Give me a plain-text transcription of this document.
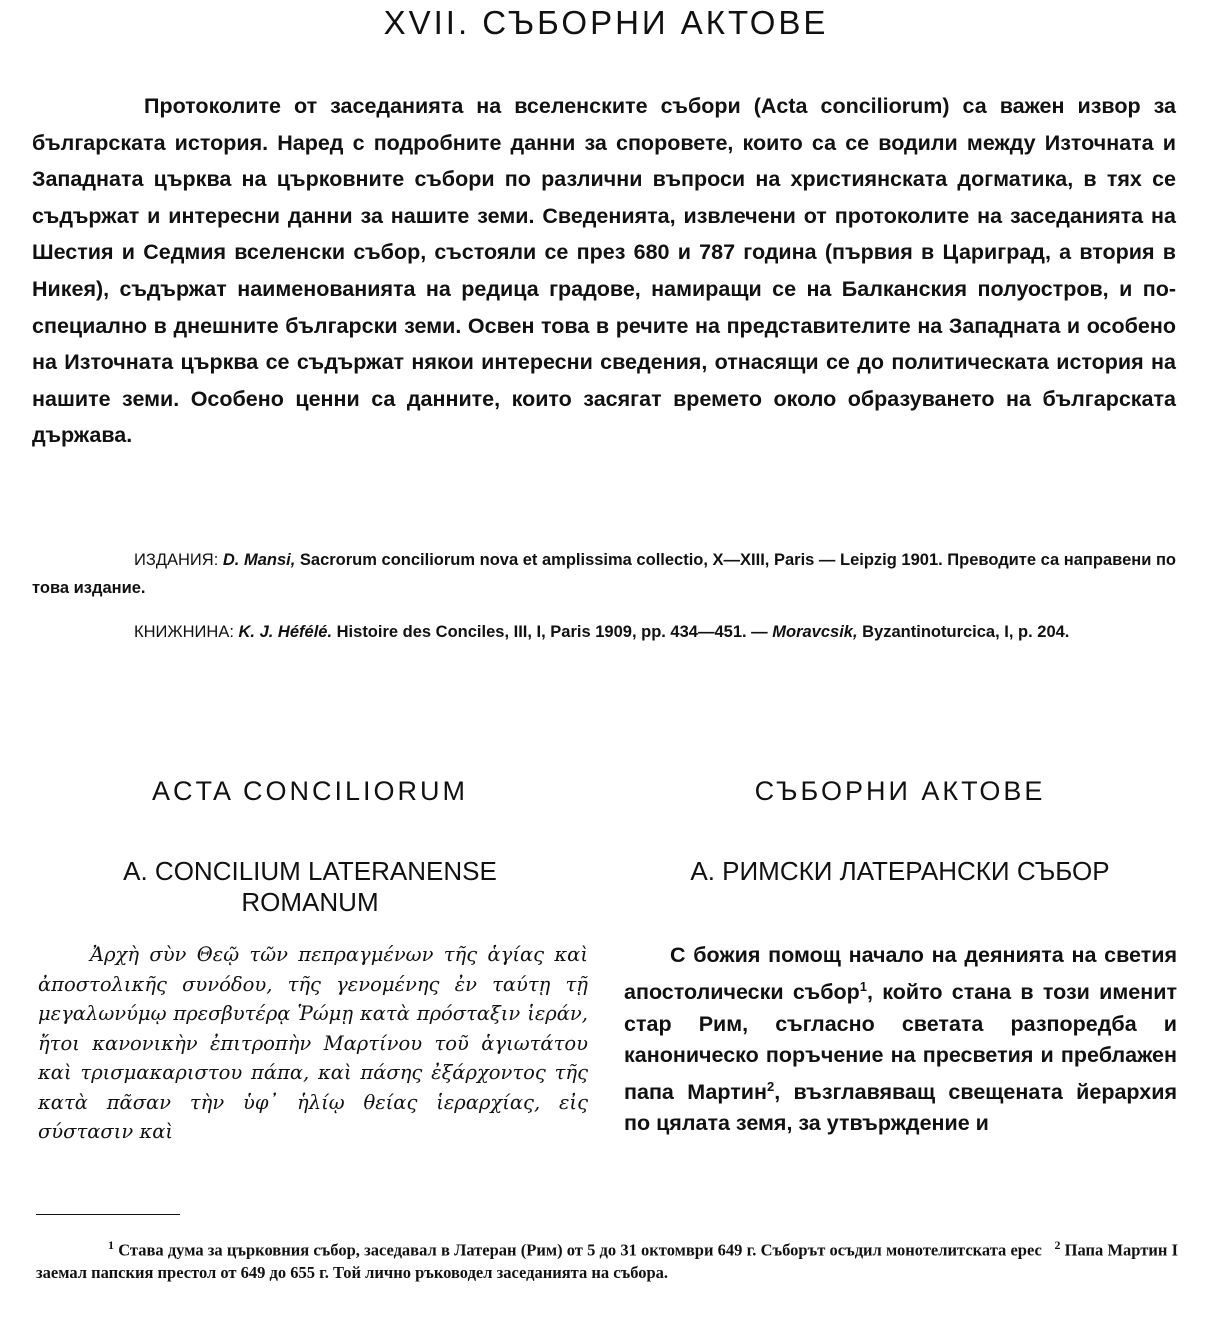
XVII. СЪБОРНИ АКТОВЕ

Протоколите от заседанията на вселенските събори (Acta conciliorum) са важен извор за българската история. Наред с подробните данни за споровете, които са се водили между Източната и Западната църква на църковните събори по различни въпроси на християнската догматика, в тях се съдържат и интересни данни за нашите земи. Сведенията, извлечени от протоколите на заседанията на Шестия и Седмия вселенски събор, състояли се през 680 и 787 година (първия в Цариград, а втория в Никея), съдържат наименованията на редица градове, намиращи се на Балканския полуостров, и по-специално в днешните български земи. Освен това в речите на представителите на Западната и особено на Източната църква се съдържат някои интересни сведения, отнасящи се до политическата история на нашите земи. Особено ценни са данните, които засягат времето около образуването на българската държава.

ИЗДАНИЯ: D. Mansi, Sacrorum conciliorum nova et amplissima collectio, X—XIII, Paris — Leipzig 1901. Преводите са направени по това издание.

КНИЖНИНА: K. J. Héfélé. Histoire des Conciles, III, I, Paris 1909, pp. 434—451. — Moravcsik, Byzantinoturcica, I, p. 204.

ACTA CONCILIORUM	СЪБОРНИ АКТОВЕ
A. CONCILIUM LATERANENSE ROMANUM
А. РИМСКИ ЛАТЕРАНСКИ СЪБОР

Ἀρχὴ σὺν Θεῷ τῶν πεπραγμένων τῆς ἁγίας καὶ ἀποστολικῆς συνόδου, τῆς γενομένης ἐν ταύτῃ τῇ μεγαλωνύμῳ πρεσβυτέρᾳ Ῥώμῃ κατὰ πρόσταξιν ἱεράν, ἤτοι κανονικὴν ἐπιτροπὴν Μαρτίνου τοῦ ἁγιωτάτου καὶ τρισμακαριστου πάπα, καὶ πάσης ἐξάρχοντος τῆς κατὰ πᾶσαν τὴν ὑφ᾽ ἡλίῳ θείας ἱεραρχίας, εἰς σύστασιν καὶ

С божия помощ начало на деянията на светия апостолически събор$^1$, който стана в този именит стар Рим, съгласно светата разпоредба и каноническо поръчение на пресветия и преблажен папа Мартин$^2$, възглавяващ свещената йерархия по цялата земя, за утвърждение и

$^1$ Става дума за църковния събор, заседавал в Латеран (Рим) от 5 до 31 октомври 649 г. Съборът осъдил монотелитската ерес $^2$ Папа Мартин I заемал папския престол от 649 до 655 г. Той лично ръководел заседанията на събора.
